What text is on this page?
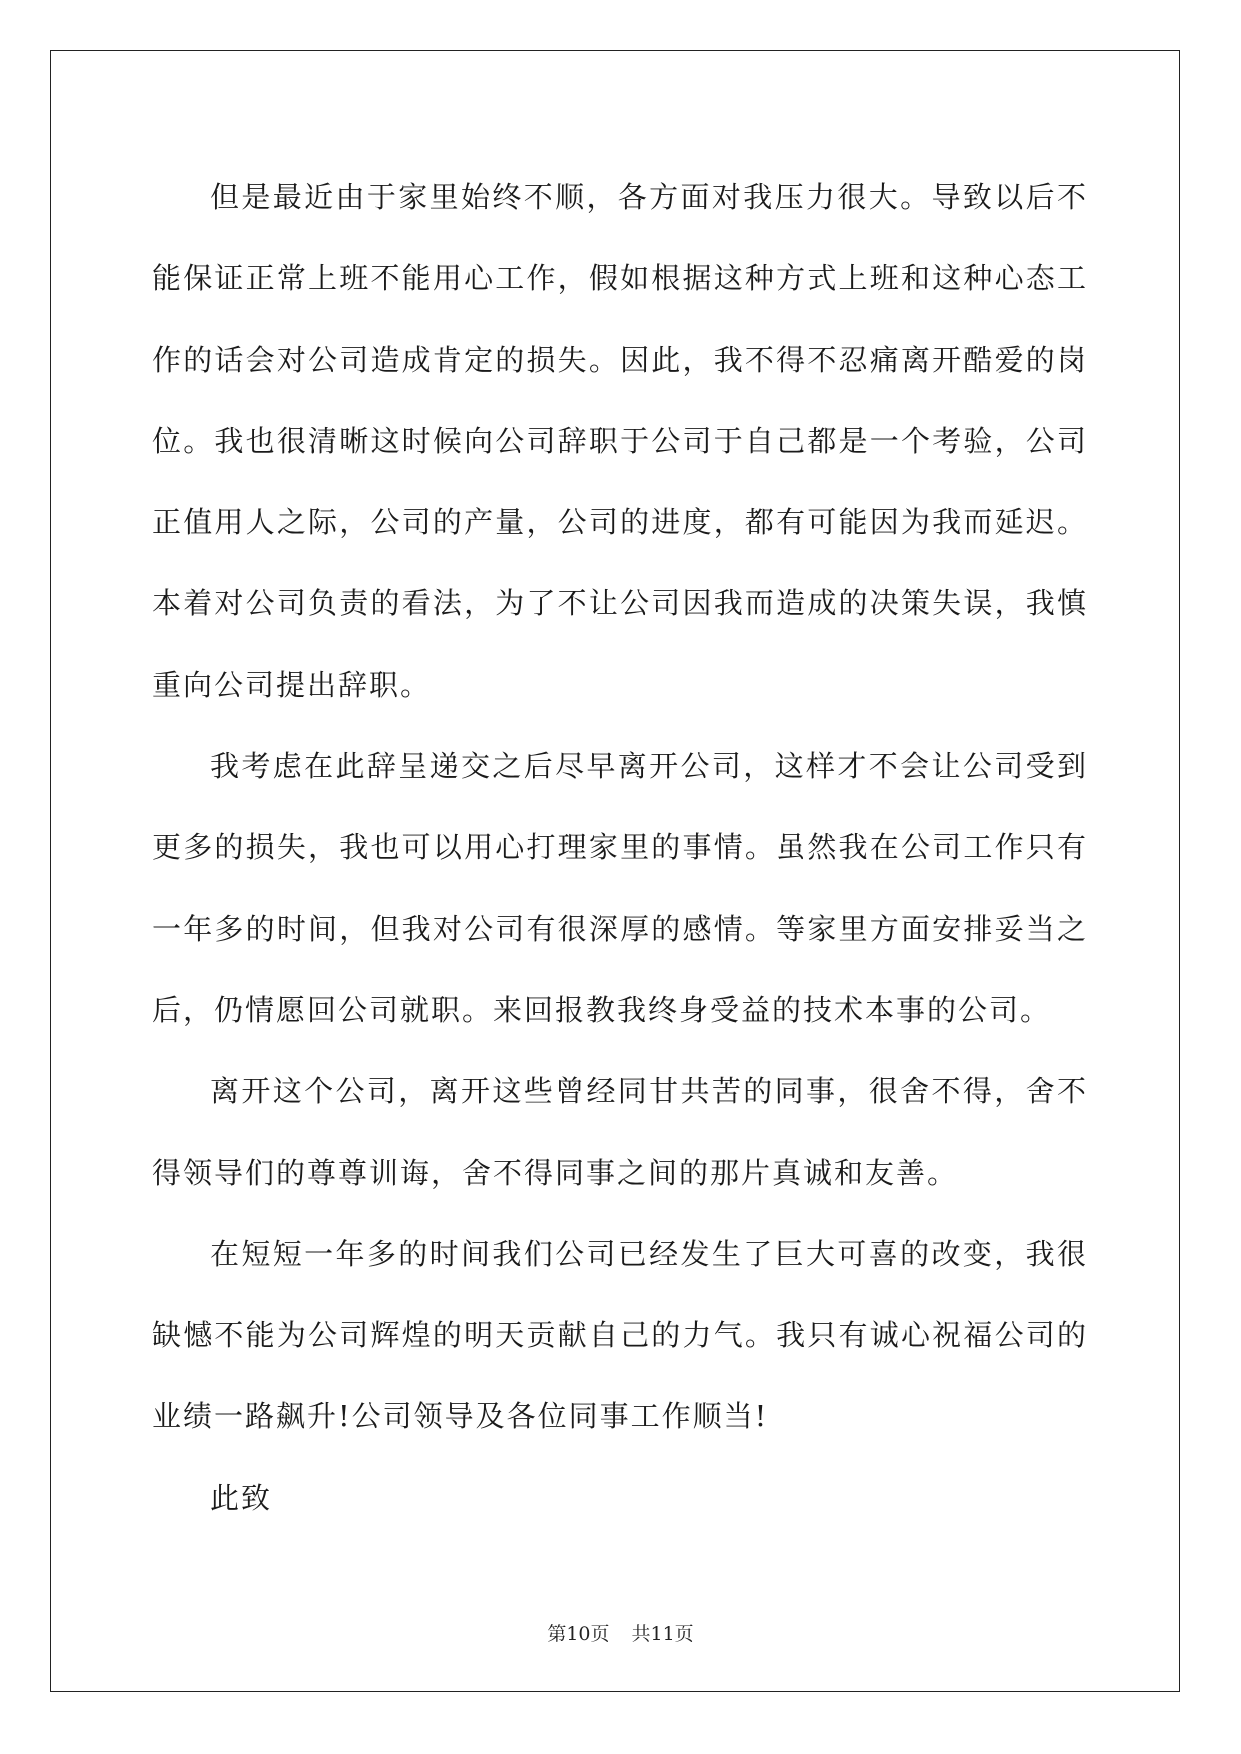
但是最近由于家里始终不顺，各方面对我压力很大。导致以后不能保证正常上班不能用心工作，假如根据这种方式上班和这种心态工作的话会对公司造成肯定的损失。因此，我不得不忍痛离开酷爱的岗位。我也很清晰这时候向公司辞职于公司于自己都是一个考验，公司正值用人之际，公司的产量，公司的进度，都有可能因为我而延迟。本着对公司负责的看法，为了不让公司因我而造成的决策失误，我慎重向公司提出辞职。

我考虑在此辞呈递交之后尽早离开公司，这样才不会让公司受到更多的损失，我也可以用心打理家里的事情。虽然我在公司工作只有一年多的时间，但我对公司有很深厚的感情。等家里方面安排妥当之后，仍情愿回公司就职。来回报教我终身受益的技术本事的公司。

离开这个公司，离开这些曾经同甘共苦的同事，很舍不得，舍不得领导们的尊尊训诲，舍不得同事之间的那片真诚和友善。

在短短一年多的时间我们公司已经发生了巨大可喜的改变，我很缺憾不能为公司辉煌的明天贡献自己的力气。我只有诚心祝福公司的业绩一路飙升!公司领导及各位同事工作顺当!

此致

第10页 共11页
